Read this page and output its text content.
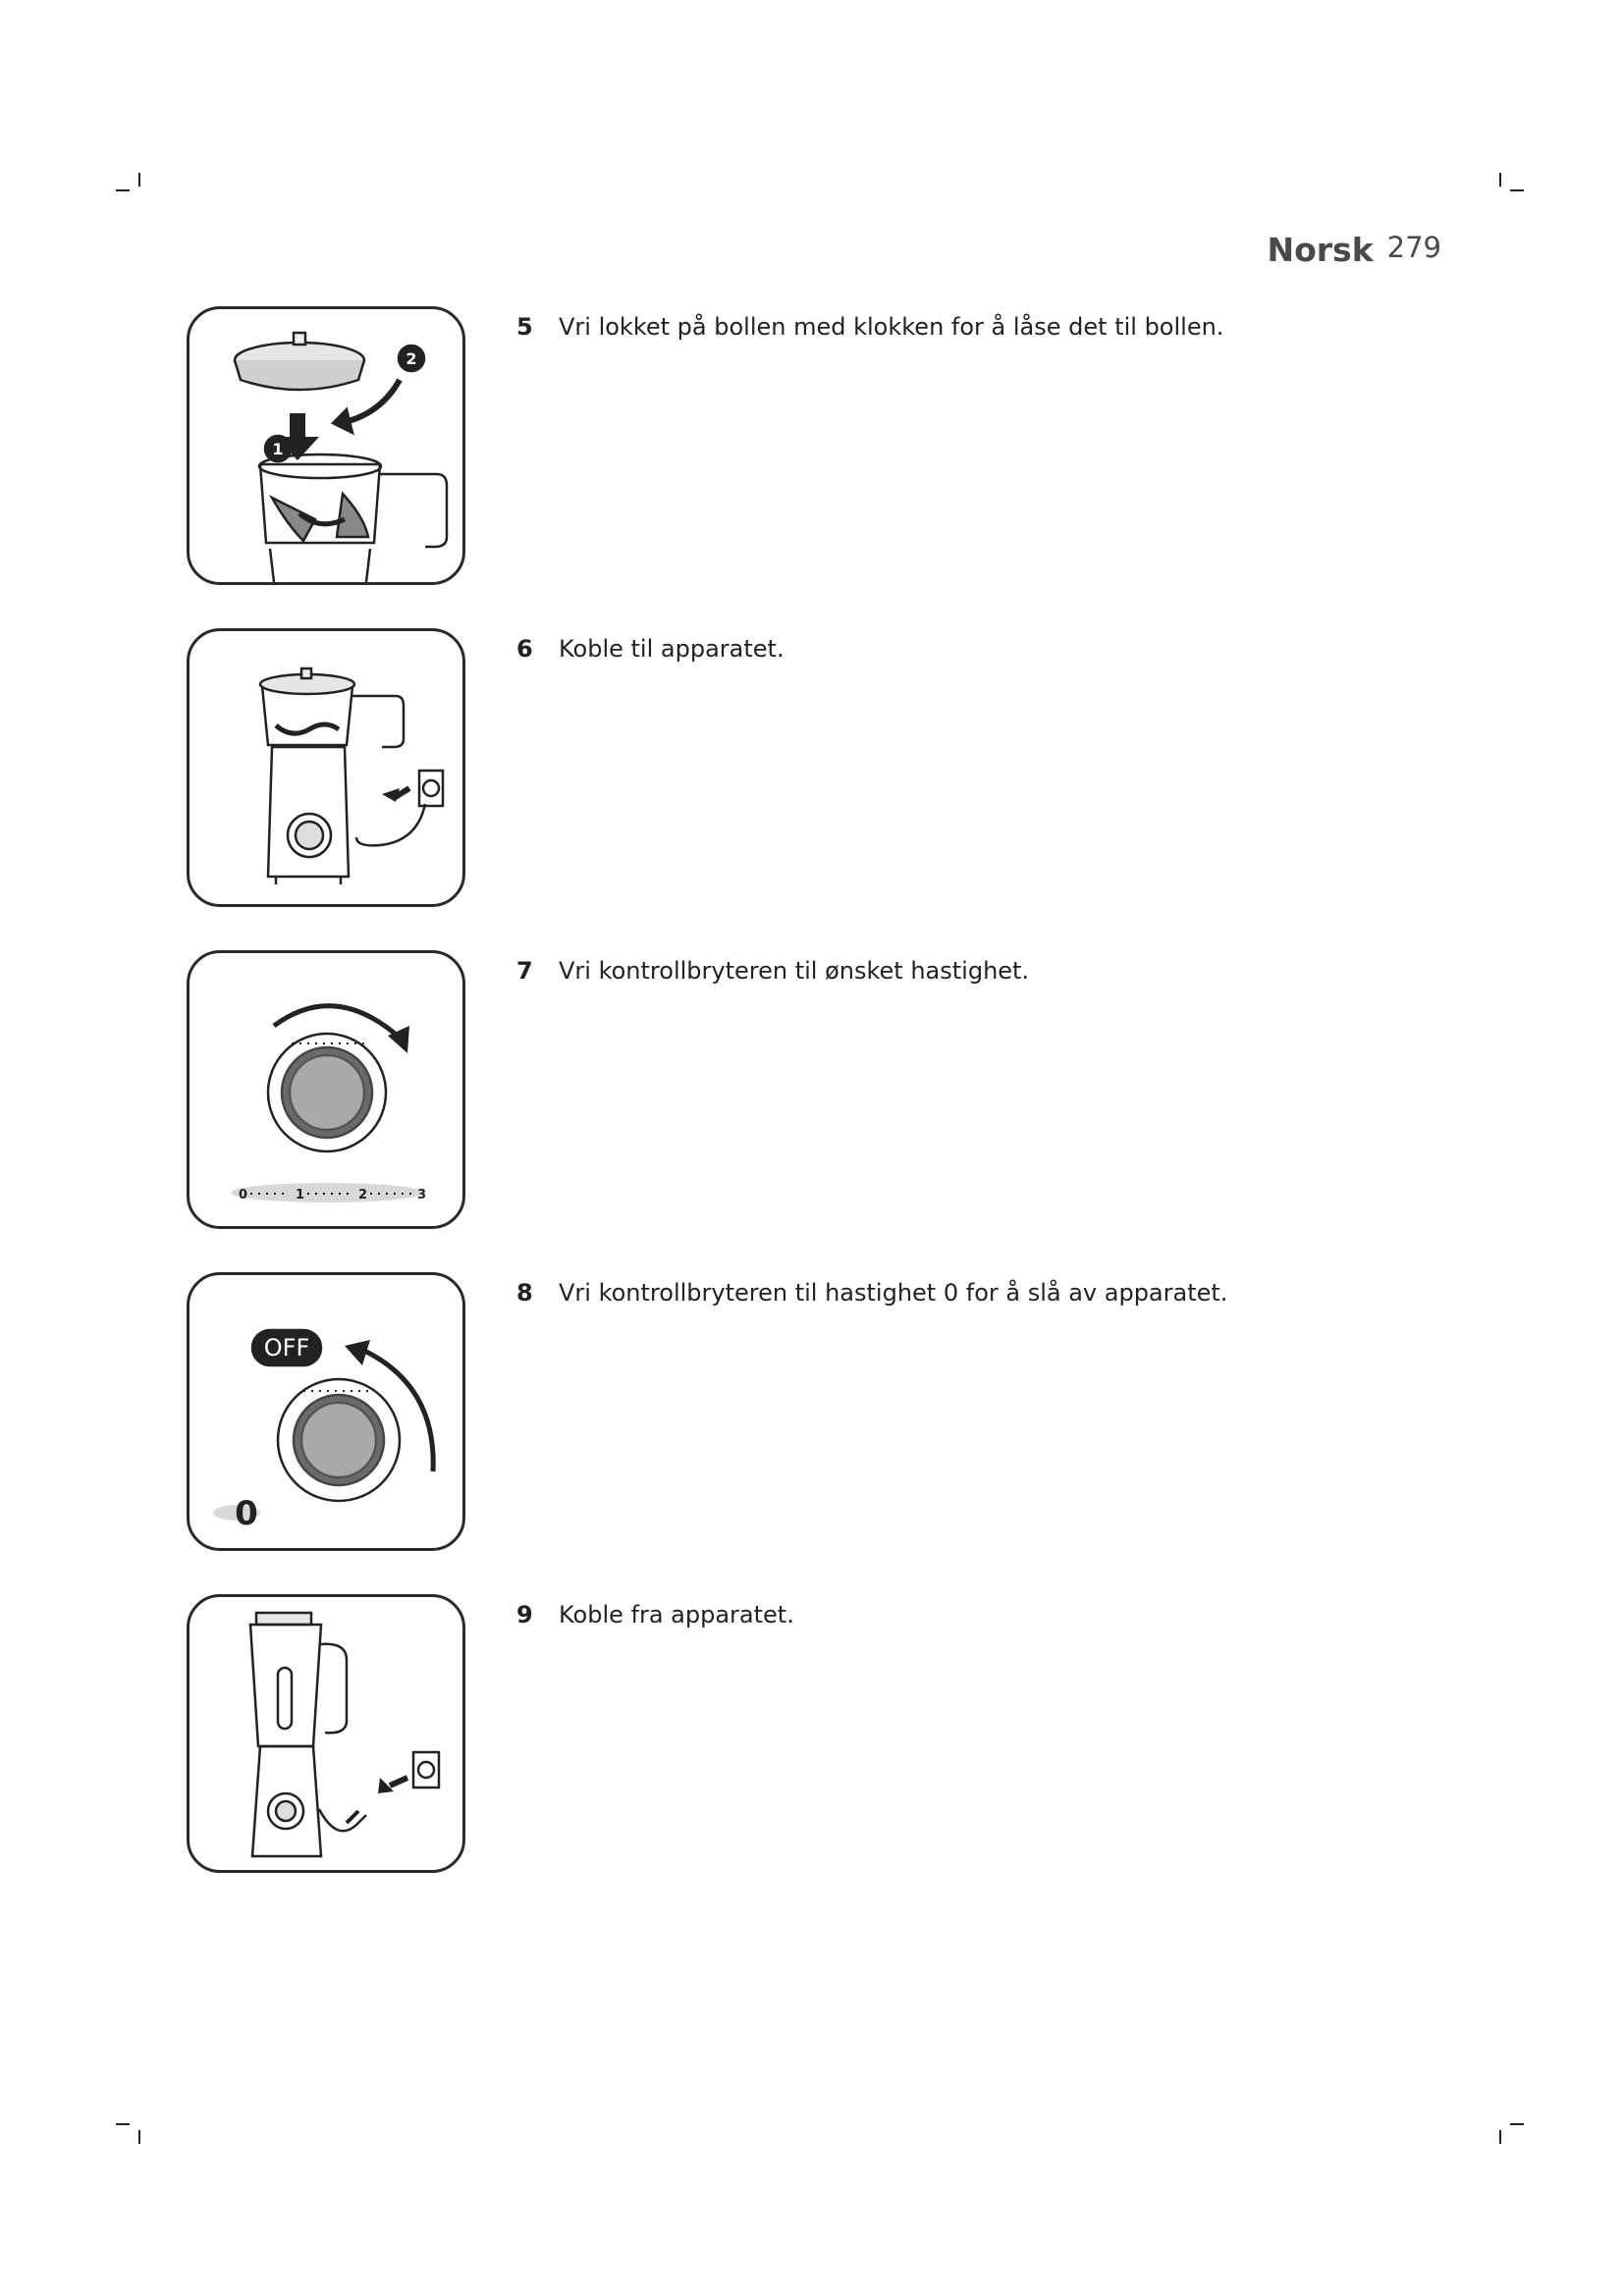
Norsk 279
2
1
5 Vri lokket på bollen med klokken for å låse det til bollen.
6 Koble til apparatet.
0	1	2	3
7 Vri kontrollbryteren til ønsket hastighet.
OFF
0
8 Vri kontrollbryteren til hastighet 0 for å slå av apparatet.
9 Koble fra apparatet.
